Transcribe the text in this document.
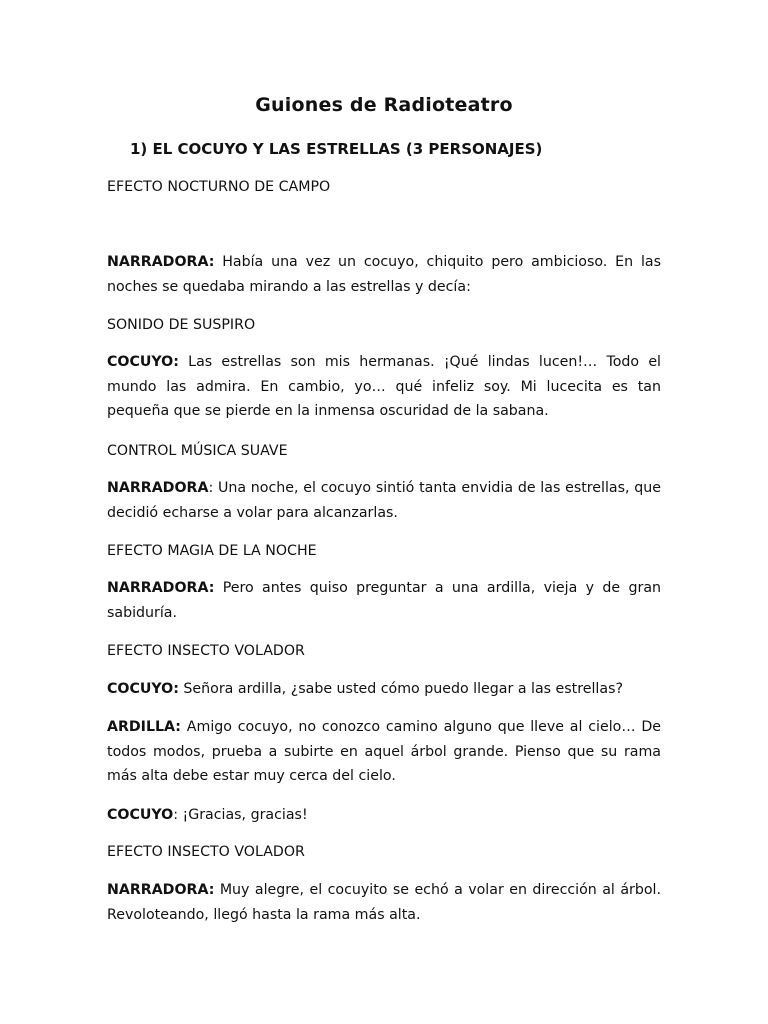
Guiones de Radioteatro
1) EL COCUYO Y LAS ESTRELLAS (3 PERSONAJES)
EFECTO NOCTURNO DE CAMPO
NARRADORA: Había una vez un cocuyo, chiquito pero ambicioso. En las noches se quedaba mirando a las estrellas y decía:
SONIDO DE SUSPIRO
COCUYO: Las estrellas son mis hermanas. ¡Qué lindas lucen!… Todo el mundo las admira. En cambio, yo… qué infeliz soy. Mi lucecita es tan pequeña que se pierde en la inmensa oscuridad de la sabana.
CONTROL MÚSICA SUAVE
NARRADORA: Una noche, el cocuyo sintió tanta envidia de las estrellas, que decidió echarse a volar para alcanzarlas.
EFECTO MAGIA DE LA NOCHE
NARRADORA: Pero antes quiso preguntar a una ardilla, vieja y de gran sabiduría.
EFECTO INSECTO VOLADOR
COCUYO: Señora ardilla, ¿sabe usted cómo puedo llegar a las estrellas?
ARDILLA: Amigo cocuyo, no conozco camino alguno que lleve al cielo… De todos modos, prueba a subirte en aquel árbol grande. Pienso que su rama más alta debe estar muy cerca del cielo.
COCUYO: ¡Gracias, gracias!
EFECTO INSECTO VOLADOR
NARRADORA: Muy alegre, el cocuyito se echó a volar en dirección al árbol. Revoloteando, llegó hasta la rama más alta.
